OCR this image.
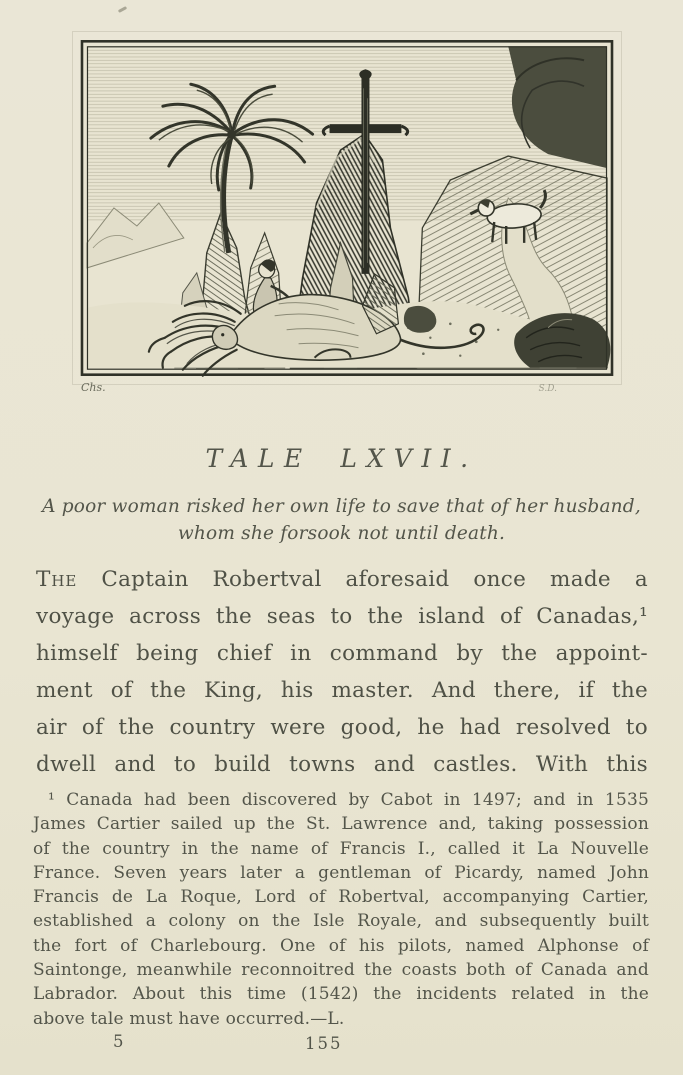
Chs.	S.D.
TALE LXVII.
A poor woman risked her own life to save that of her husband,
whom she forsook not until death.
The Captain Robertval aforesaid once made a
voyage across the seas to the island of Canadas,¹
himself being chief in command by the appoint-
ment of the King, his master. And there, if the
air of the country were good, he had resolved to
dwell and to build towns and castles. With this
¹ Canada had been discovered by Cabot in 1497; and in 1535
James Cartier sailed up the St. Lawrence and, taking possession
of the country in the name of Francis I., called it La Nouvelle
France. Seven years later a gentleman of Picardy, named John
Francis de La Roque, Lord of Robertval, accompanying Cartier,
established a colony on the Isle Royale, and subsequently built
the fort of Charlebourg. One of his pilots, named Alphonse of
Saintonge, meanwhile reconnoitred the coasts both of Canada and
Labrador. About this time (1542) the incidents related in the
above tale must have occurred.—L.
5	155
